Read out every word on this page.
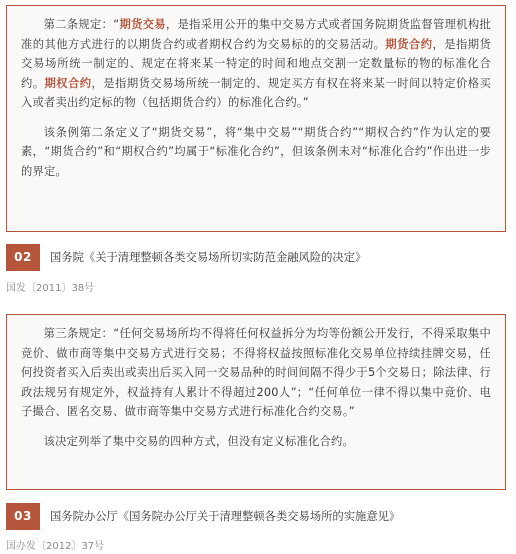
第二条规定：“期货交易，是指采用公开的集中交易方式或者国务院期货监督管理机构批准的其他方式进行的以期货合约或者期权合约为交易标的的交易活动。期货合约，是指期货交易场所统一制定的、规定在将来某一特定的时间和地点交割一定数量标的物的标准化合约。期权合约，是指期货交易场所统一制定的、规定买方有权在将来某一时间以特定价格买入或者卖出约定标的物（包括期货合约）的标准化合约。”

该条例第二条定义了“期货交易”，将“集中交易”“期货合约”“期权合约”作为认定的要素，“期货合约”和“期权合约”均属于“标准化合约”，但该条例未对“标准化合约”作出进一步的界定。

02	国务院《关于清理整顿各类交易场所切实防范金融风险的决定》
国发〔2011〕38号

第三条规定：“任何交易场所均不得将任何权益拆分为均等份额公开发行，不得采取集中竞价、做市商等集中交易方式进行交易；不得将权益按照标准化交易单位持续挂牌交易，任何投资者买入后卖出或卖出后买入同一交易品种的时间间隔不得少于5个交易日；除法律、行政法规另有规定外，权益持有人累计不得超过200人”；“任何单位一律不得以集中竞价、电子撮合、匿名交易、做市商等集中交易方式进行标准化合约交易。”

该决定列举了集中交易的四种方式，但没有定义标准化合约。

03	国务院办公厅《国务院办公厅关于清理整顿各类交易场所的实施意见》
国办发〔2012〕37号
